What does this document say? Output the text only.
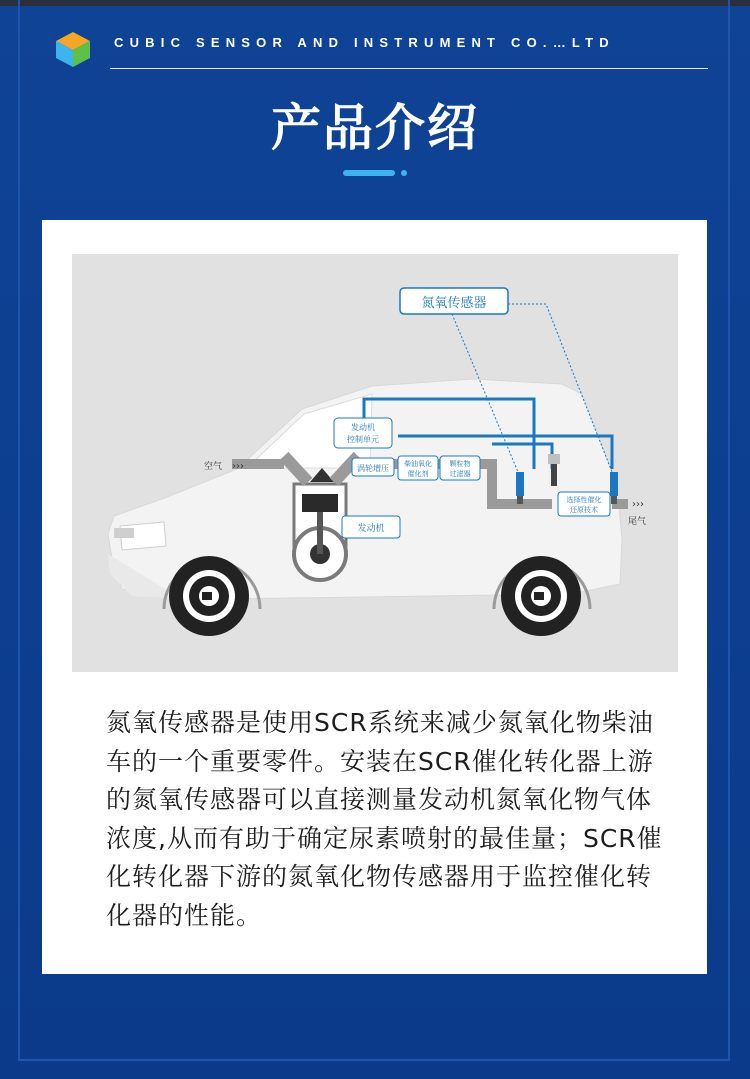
CUBIC SENSOR AND INSTRUMENT CO.…LTD
产品介绍
涡轮增压 柴油氧化
催化剂
颗粒物
过滤器
选择性催化
还原技术
发动机
发动机
控制单元
氮氧传感器
空气 ›››
›››
尾气
氮氧传感器是使用SCR系统来减少氮氧化物柴油车的一个重要零件。安装在SCR催化转化器上游的氮氧传感器可以直接测量发动机氮氧化物气体浓度,从而有助于确定尿素喷射的最佳量；SCR催化转化器下游的氮氧化物传感器用于监控催化转化器的性能。
